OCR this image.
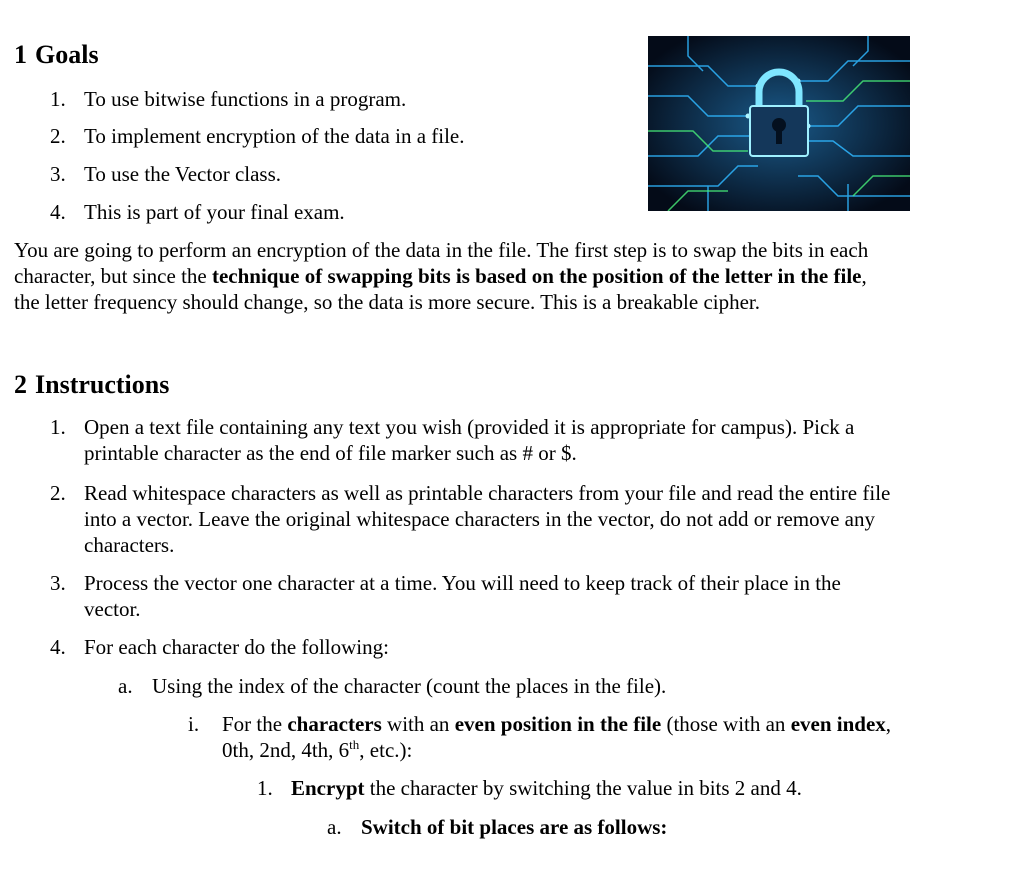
1 Goals
1. To use bitwise functions in a program.
2. To implement encryption of the data in a file.
3. To use the Vector class.
4. This is part of your final exam.
You are going to perform an encryption of the data in the file. The first step is to swap the bits in each
character, but since the technique of swapping bits is based on the position of the letter in the file,
the letter frequency should change, so the data is more secure. This is a breakable cipher.
2 Instructions
1. Open a text file containing any text you wish (provided it is appropriate for campus). Pick a
printable character as the end of file marker such as # or $.
2. Read whitespace characters as well as printable characters from your file and read the entire file
into a vector. Leave the original whitespace characters in the vector, do not add or remove any
characters.
3. Process the vector one character at a time. You will need to keep track of their place in the
vector.
4. For each character do the following:
a. Using the index of the character (count the places in the file).
i. For the characters with an even position in the file (those with an even index,
0th, 2nd, 4th, 6th, etc.):
1. Encrypt the character by switching the value in bits 2 and 4.
a. Switch of bit places are as follows:
